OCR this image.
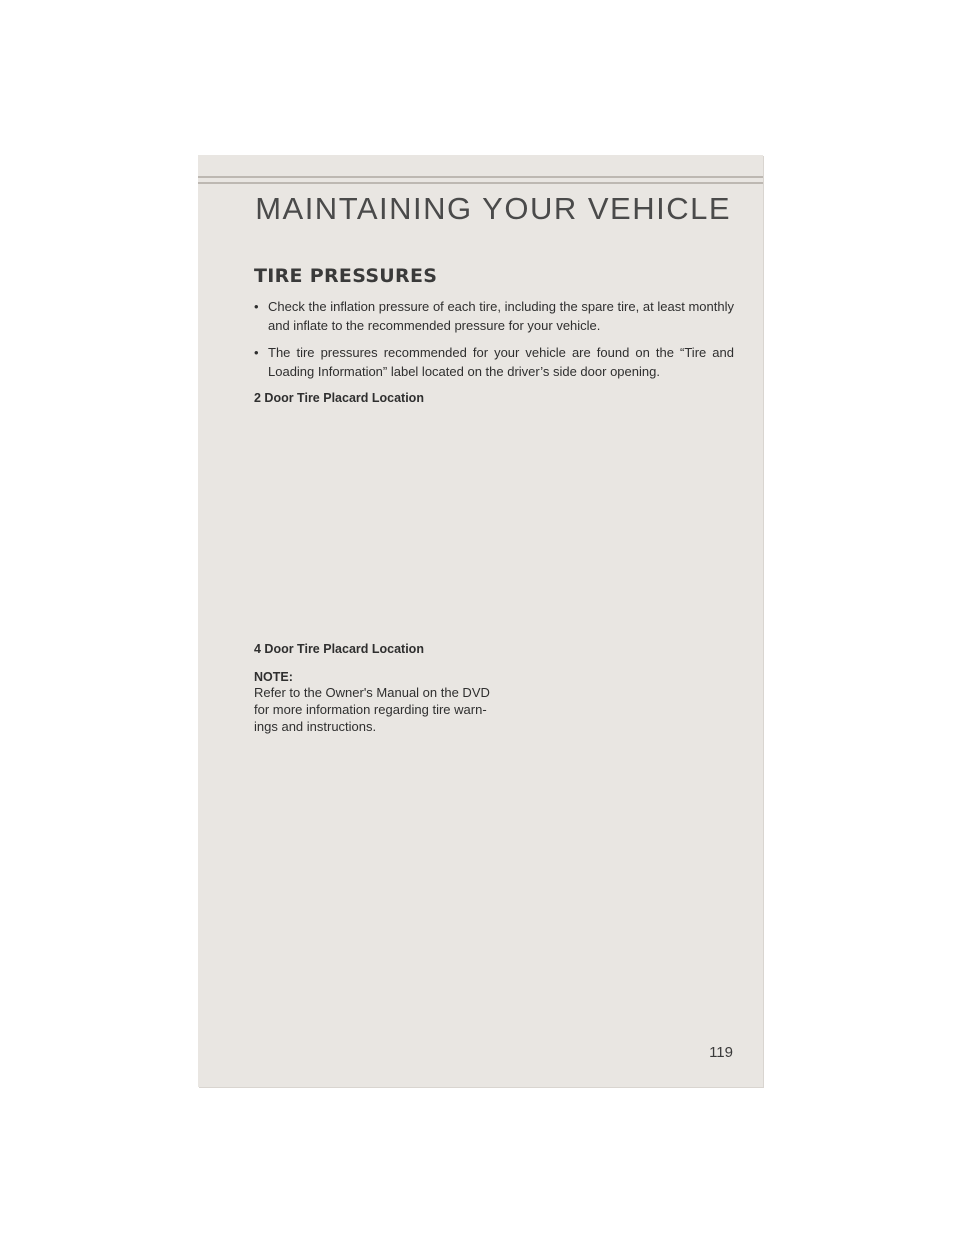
MAINTAINING YOUR VEHICLE
TIRE PRESSURES
• Check the inflation pressure of each tire, including the spare tire, at least monthly and inflate to the recommended pressure for your vehicle.
• The tire pressures recommended for your vehicle are found on the “Tire and Loading Information” label located on the driver’s side door opening.

2 Door Tire Placard Location

4 Door Tire Placard Location

NOTE:
Refer to the Owner's Manual on the DVD
for more information regarding tire warn-
ings and instructions.
119
